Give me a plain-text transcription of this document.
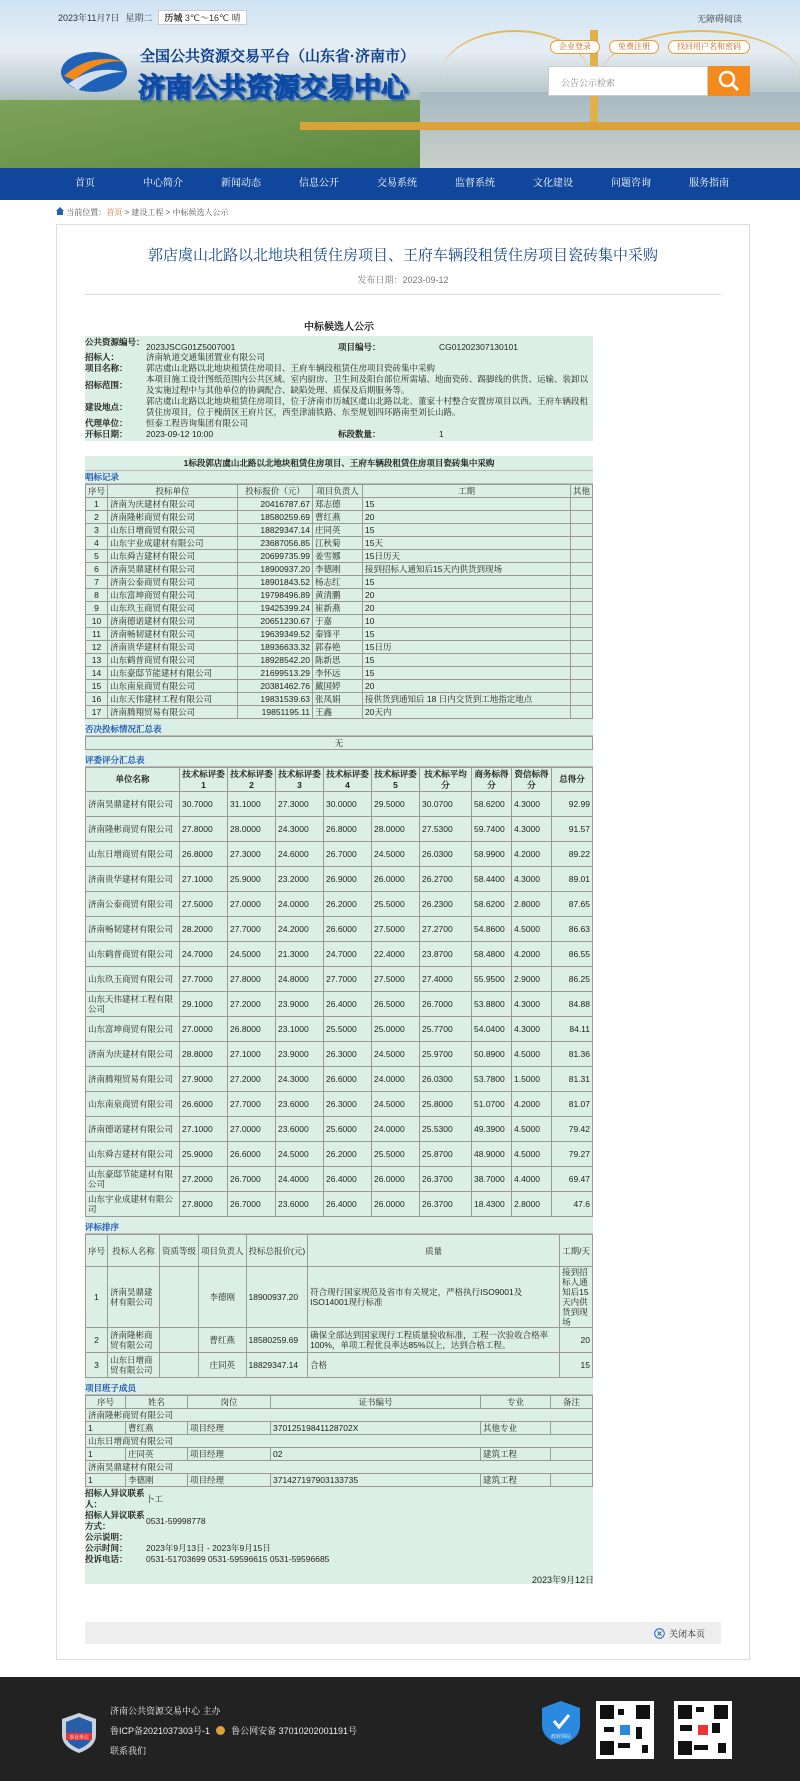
2023年11月7日 星期二	历城 3℃～16℃ 晴	无障碍阅读
全国公共资源交易平台（山东省·济南市）
济南公共资源交易中心
企业登录	免费注册	找回用户名和密码
公告公示检索
首页	中心简介	新闻动态	信息公开	交易系统	监督系统	文化建设	问题咨询	服务指南
当前位置：首页 > 建设工程 > 中标候选人公示
郭店虞山北路以北地块租赁住房项目、王府车辆段租赁住房项目瓷砖集中采购
发布日期：2023-09-12
中标候选人公示
公共资源编号： 2023JSCG01Z5007001	项目编号：	CG01202307130101
招标人：	济南轨道交通集团置业有限公司
项目名称：	郭店虞山北路以北地块租赁住房项目、王府车辆段租赁住房项目瓷砖集中采购
招标范围：
本项目施工设计图纸范围内公共区域、室内厨房、卫生间及阳台部位所需墙、地面瓷砖、踢脚线的供货、运输、装卸以及实施过程中与其他单位的协调配合、缺陷处理、质保及后期服务等。
建设地点：
郭店虞山北路以北地块租赁住房项目，位于济南市历城区虞山北路以北、董家十村整合安置房项目以西。王府车辆段租赁住房项目，位于槐荫区王府片区，西至津浦铁路、东至规划四环路南至刘长山路。
代理单位：	恒泰工程咨询集团有限公司
开标日期：	2023-09-12 10:00	标段数量：	1
1标段郭店虞山北路以北地块租赁住房项目、王府车辆段租赁住房项目瓷砖集中采购
唱标记录
序号	投标单位	投标报价（元）	项目负责人	工期	其他
1	济南为庆建材有限公司	20416787.67	郑志德	15	
2	济南隆彬商贸有限公司	18580259.69	曹红燕	20	
3	山东日增商贸有限公司	18829347.14	庄同英	15	
4	山东宇业成建材有限公司	23687056.85	江秋菊	15天	
5	山东舜吉建材有限公司	20699735.99	姜雪娜	15日历天	
6	济南昊鼎建材有限公司	18900937.20	李德刚	接到招标人通知后15天内供货到现场	
7	济南公泰商贸有限公司	18901843.52	杨志红	15	
8	山东富坤商贸有限公司	19798496.89	黄清鹏	20	
9	山东玖玉商贸有限公司	19425399.24	崔新燕	20	
10	济南德诺建材有限公司	20651230.67	于嘉	10	
11	济南畅韧建材有限公司	19639349.52	秦锋平	15	
12	济南贵华建材有限公司	18936633.32	郭春艳	15日历	
13	山东鹤普商贸有限公司	18928542.20	陈新思	15	
14	山东豪邸节能建材有限公司	21699513.29	李怀远	15	
15	山东南泉商贸有限公司	20381462.76	戴国婷	20	
16	山东天伟建材工程有限公司	19831539.63	张凤娟	接供货到通知后 18 日内交货到工地指定地点	
17	济南腾翔贸易有限公司	19851195.11	王鑫	20天内	
否决投标情况汇总表
无
评委评分汇总表
单位名称	技术标评委1	技术标评委2	技术标评委3	技术标评委4	技术标评委5	技术标平均分	商务标得分	资信标得分	总得分
济南昊鼎建材有限公司	30.7000	31.1000	27.3000	30.0000	29.5000	30.0700	58.6200	4.3000	92.99
济南隆彬商贸有限公司	27.8000	28.0000	24.3000	26.8000	28.0000	27.5300	59.7400	4.3000	91.57
山东日增商贸有限公司	26.8000	27.3000	24.6000	26.7000	24.5000	26.0300	58.9900	4.2000	89.22
济南贵华建材有限公司	27.1000	25.9000	23.2000	26.9000	26.0000	26.2700	58.4400	4.3000	89.01
济南公泰商贸有限公司	27.5000	27.0000	24.0000	26.2000	25.5000	26.2300	58.6200	2.8000	87.65
济南畅韧建材有限公司	28.2000	27.7000	24.2000	26.6000	27.5000	27.2700	54.8600	4.5000	86.63
山东鹤普商贸有限公司	24.7000	24.5000	21.3000	24.7000	22.4000	23.8700	58.4800	4.2000	86.55
山东玖玉商贸有限公司	27.7000	27.8000	24.8000	27.7000	27.5000	27.4000	55.9500	2.9000	86.25
山东天伟建材工程有限公司	29.1000	27.2000	23.9000	26.4000	26.5000	26.7000	53.8800	4.3000	84.88
山东富坤商贸有限公司	27.0000	26.8000	23.1000	25.5000	25.0000	25.7700	54.0400	4.3000	84.11
济南为庆建材有限公司	28.8000	27.1000	23.9000	26.3000	24.5000	25.9700	50.8900	4.5000	81.36
济南腾翔贸易有限公司	27.9000	27.2000	24.3000	26.6000	24.0000	26.0300	53.7800	1.5000	81.31
山东南泉商贸有限公司	26.6000	27.7000	23.6000	26.3000	24.5000	25.8000	51.0700	4.2000	81.07
济南德诺建材有限公司	27.1000	27.0000	23.6000	25.6000	24.0000	25.5300	49.3900	4.5000	79.42
山东舜吉建材有限公司	25.9000	26.6000	24.5000	26.2000	25.5000	25.8700	48.9000	4.5000	79.27
山东豪邸节能建材有限公司	27.2000	26.7000	24.4000	26.4000	26.0000	26.3700	38.7000	4.4000	69.47
山东宇业成建材有限公司	27.8000	26.7000	23.6000	26.4000	26.0000	26.3700	18.4300	2.8000	47.6
评标排序
序号	投标人名称	资质等级	项目负责人	投标总报价(元)	质量	工期/天
1	济南昊鼎建材有限公司		李德刚	18900937.20	符合现行国家规范及省市有关规定，严格执行ISO9001及ISO14001现行标准	接到招标人通知后15天内供货到现场
2	济南隆彬商贸有限公司		曹红燕	18580259.69	确保全部达到国家现行工程质量验收标准，工程一次验收合格率100%，单项工程优良率达85%以上，达到合格工程。	20
3	山东日增商贸有限公司		庄同英	18829347.14	合格	15
项目班子成员
序号	姓名	岗位	证书编号	专业	备注
济南隆彬商贸有限公司					
1	曹红燕	项目经理	37012519841128702X	其他专业	
山东日增商贸有限公司					
1	庄同英	项目经理	02	建筑工程	
济南昊鼎建材有限公司					
1	李德刚	项目经理	371427197903133735	建筑工程	
招标人异议联系人：
卜工
招标人异议联系方式：
0531-59998778
公示说明：
公示时间：	2023年9月13日 - 2023年9月15日
投诉电话：	0531-51703699 0531-59596615 0531-59596685
2023年9月12日
关闭本页
事业单位
济南公共资源交易中心 主办
鲁ICP备2021037303号-1 鲁公网安备 37010202001191号
联系我们
政府网站
